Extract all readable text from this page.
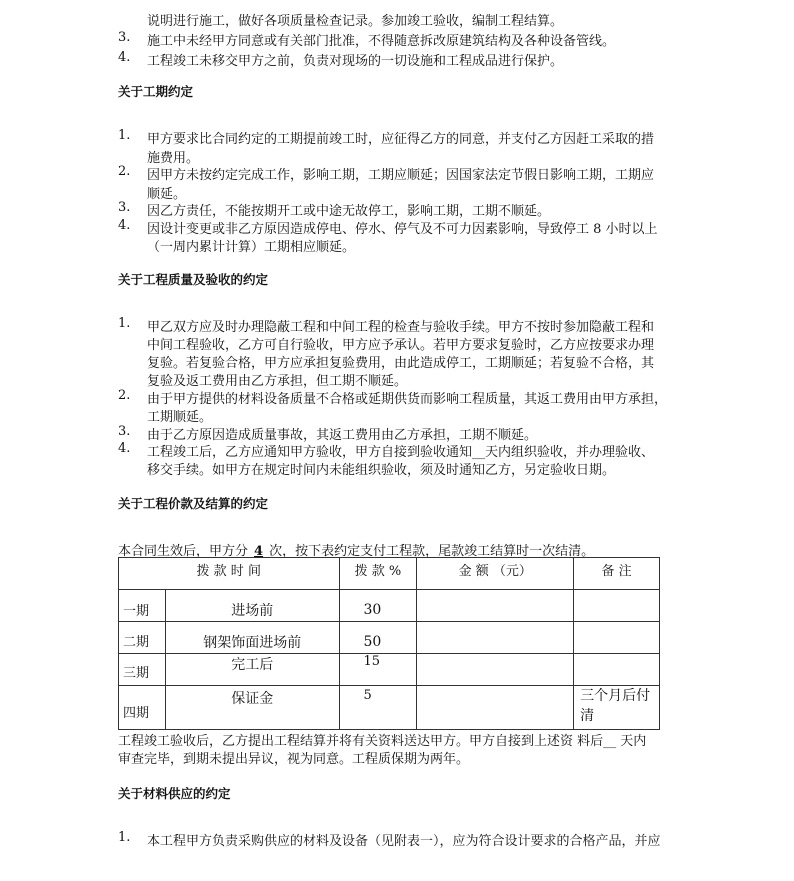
说明进行施工，做好各项质量检查记录。参加竣工验收，编制工程结算。
3.	施工中未经甲方同意或有关部门批准，不得随意拆改原建筑结构及各种设备管线。
4.	工程竣工未移交甲方之前，负责对现场的一切设施和工程成品进行保护。
关于工期约定
1.	甲方要求比合同约定的工期提前竣工时，应征得乙方的同意，并支付乙方因赶工采取的措
施费用。
2.	因甲方未按约定完成工作，影响工期，工期应顺延；因国家法定节假日影响工期，工期应
顺延。
3.	因乙方责任，不能按期开工或中途无故停工，影响工期，工期不顺延。
4.	因设计变更或非乙方原因造成停电、停水、停气及不可力因素影响，导致停工 8 小时以上
（一周内累计计算）工期相应顺延。
关于工程质量及验收的约定
1.	甲乙双方应及时办理隐蔽工程和中间工程的检查与验收手续。甲方不按时参加隐蔽工程和
中间工程验收，乙方可自行验收，甲方应予承认。若甲方要求复验时，乙方应按要求办理
复验。若复验合格，甲方应承担复验费用，由此造成停工，工期顺延；若复验不合格，其
复验及返工费用由乙方承担，但工期不顺延。
2.	由于甲方提供的材料设备质量不合格或延期供货而影响工程质量，其返工费用由甲方承担，
工期顺延。
3.	由于乙方原因造成质量事故，其返工费用由乙方承担，工期不顺延。
4.	工程竣工后，乙方应通知甲方验收，甲方自接到验收通知__天内组织验收，并办理验收、
移交手续。如甲方在规定时间内未能组织验收，须及时通知乙方，另定验收日期。
关于工程价款及结算的约定
本合同生效后，甲方分 4 次，按下表约定支付工程款，尾款竣工结算时一次结清。
拨 款 时 间		拨 款 %	金 额 （元）	备 注
一期	进场前	30		
二期	钢架饰面进场前	50		
三期	完工后	15		
四期	保证金	5		三个月后付清
工程竣工验收后，乙方提出工程结算并将有关资料送达甲方。甲方自接到上述资 料后__ 天内
审查完毕，到期未提出异议，视为同意。工程质保期为两年。
关于材料供应的约定
1.	本工程甲方负责采购供应的材料及设备（见附表一），应为符合设计要求的合格产品，并应
